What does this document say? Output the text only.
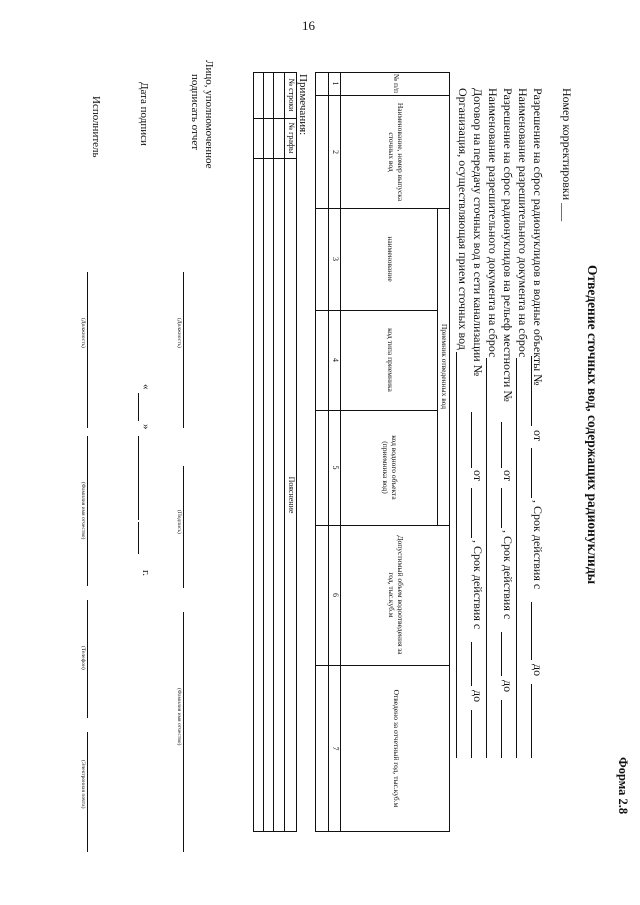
16
Разрешение на сброс радионуклидов в водные объекты №
от
, Срок действия с
до
Наименование разрешительного документа на сброс
Разрешение на сброс радионуклидов на рельеф местности №
от
, Срок действия с
до
Наименование разрешительного документа на сброс
Договор на передачу сточных вод в сети канализации №
от
, Срок действия с
до
Организация, осуществляющая прием сточных вод	Номер корректировки ___
Отведение сточных вод, содержащих радионуклиды
Форма 2.8
№ п/п
Наименование, номер выпуска сточных вод
Приемник отведенных вод
наименование
код типа приемника
код водного объекта (приемника вод)
Допустимый объем водоотведения за год, тыс.куб.м
Отведено за отчетный год, тыс.куб.м
1
2
3
4
5
6
7
Примечания:
№ строки
№ графы
Пояснение
Лицо, уполномоченное
подписать отчет
(Должность)
(Подпись)
(Фамилия имя отчество)
Дата подписи
«
»
г.
Исполнитель
(Должность)
(Фамилия имя отчество)
(Телефон)
(Электронная почта)
